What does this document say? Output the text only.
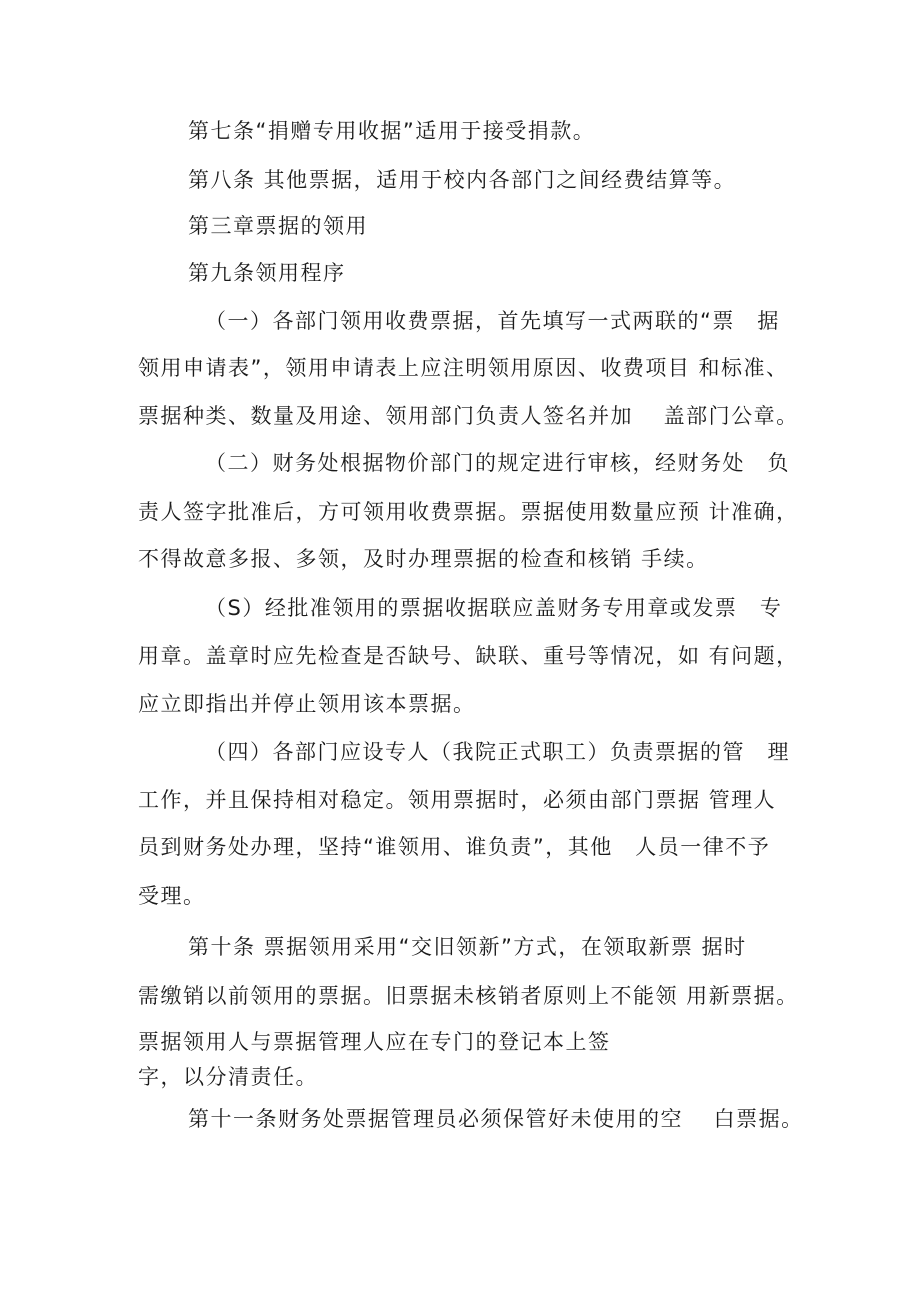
第七条“捐赠专用收据”适用于接受捐款。
第八条 其他票据，适用于校内各部门之间经费结算等。
第三章票据的领用
第九条领用程序
（一）各部门领用收费票据，首先填写一式两联的“票　据
领用申请表”，领用申请表上应注明领用原因、收费项目 和标准、
票据种类、数量及用途、领用部门负责人签名并加　 盖部门公章。
（二）财务处根据物价部门的规定进行审核，经财务处　负
责人签字批准后，方可领用收费票据。票据使用数量应预 计准确，
不得故意多报、多领，及时办理票据的检查和核销 手续。
（S）经批准领用的票据收据联应盖财务专用章或发票　专
用章。盖章时应先检查是否缺号、缺联、重号等情况，如 有问题，
应立即指出并停止领用该本票据。
（四）各部门应设专人（我院正式职工）负责票据的管　理
工作，并且保持相对稳定。领用票据时，必须由部门票据 管理人
员到财务处办理，坚持“谁领用、谁负责”，其他　人员一律不予
受理。
第十条 票据领用采用“交旧领新”方式，在领取新票 据时
需缴销以前领用的票据。旧票据未核销者原则上不能领 用新票据。
票据领用人与票据管理人应在专门的登记本上签
字，以分清责任。
第十一条财务处票据管理员必须保管好未使用的空　 白票据。
